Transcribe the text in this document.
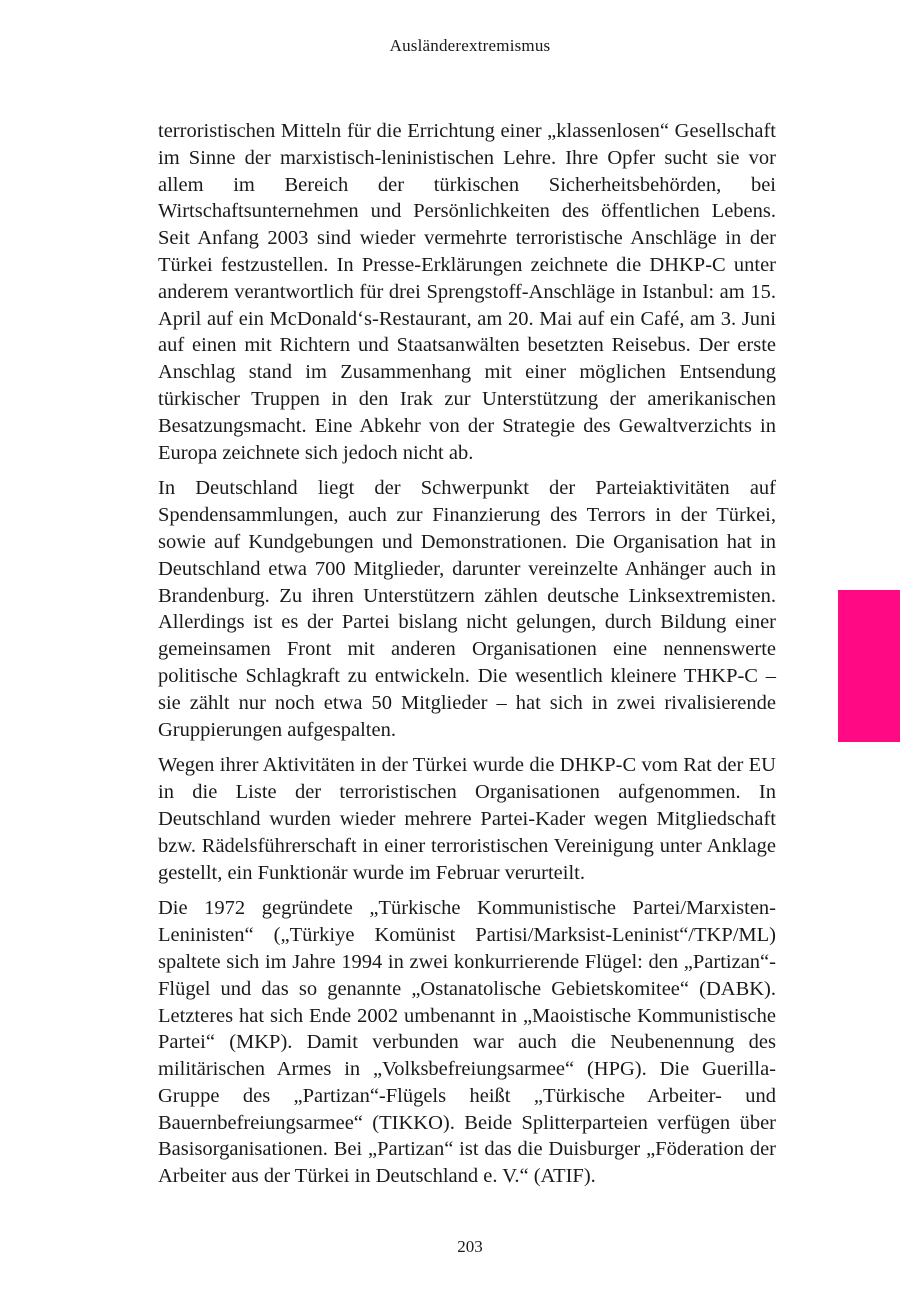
Ausländerextremismus

terroristischen Mitteln für die Errichtung einer „klassenlosen“ Gesellschaft im Sinne der marxistisch-leninistischen Lehre. Ihre Opfer sucht sie vor allem im Bereich der türkischen Sicherheitsbehörden, bei Wirtschaftsunternehmen und Persönlichkeiten des öffentlichen Lebens. Seit Anfang 2003 sind wieder vermehrte terroristische Anschläge in der Türkei festzustellen. In Presse-Erklärungen zeichnete die DHKP-C unter anderem verantwortlich für drei Sprengstoff-Anschläge in Istanbul: am 15. April auf ein McDonald‘s-Restaurant, am 20. Mai auf ein Café, am 3. Juni auf einen mit Richtern und Staatsanwälten besetzten Reisebus. Der erste Anschlag stand im Zusammenhang mit einer möglichen Entsendung türkischer Truppen in den Irak zur Unterstützung der amerikanischen Besatzungsmacht. Eine Abkehr von der Strategie des Gewaltverzichts in Europa zeichnete sich jedoch nicht ab.

In Deutschland liegt der Schwerpunkt der Parteiaktivitäten auf Spendensammlungen, auch zur Finanzierung des Terrors in der Türkei, sowie auf Kundgebungen und Demonstrationen. Die Organisation hat in Deutschland etwa 700 Mitglieder, darunter vereinzelte Anhänger auch in Brandenburg. Zu ihren Unterstützern zählen deutsche Linksextremisten. Allerdings ist es der Partei bislang nicht gelungen, durch Bildung einer gemeinsamen Front mit anderen Organisationen eine nennenswerte politische Schlagkraft zu entwickeln. Die wesentlich kleinere THKP-C – sie zählt nur noch etwa 50 Mitglieder – hat sich in zwei rivalisierende Gruppierungen aufgespalten.

Wegen ihrer Aktivitäten in der Türkei wurde die DHKP-C vom Rat der EU in die Liste der terroristischen Organisationen aufgenommen. In Deutschland wurden wieder mehrere Partei-Kader wegen Mitgliedschaft bzw. Rädelsführerschaft in einer terroristischen Vereinigung unter Anklage gestellt, ein Funktionär wurde im Februar verurteilt.

Die 1972 gegründete „Türkische Kommunistische Partei/Marxisten-Leninisten“ („Türkiye Komünist Partisi/Marksist-Leninist“/TKP/ML) spaltete sich im Jahre 1994 in zwei konkurrierende Flügel: den „Partizan“-Flügel und das so genannte „Ostanatolische Gebietskomitee“ (DABK). Letzteres hat sich Ende 2002 umbenannt in „Maoistische Kommunistische Partei“ (MKP). Damit verbunden war auch die Neubenennung des militärischen Armes in „Volksbefreiungsarmee“ (HPG). Die Guerilla-Gruppe des „Partizan“-Flügels heißt „Türkische Arbeiter- und Bauernbefreiungsarmee“ (TIKKO). Beide Splitterparteien verfügen über Basisorganisationen. Bei „Partizan“ ist das die Duisburger „Föderation der Arbeiter aus der Türkei in Deutschland e. V.“ (ATIF).

203
